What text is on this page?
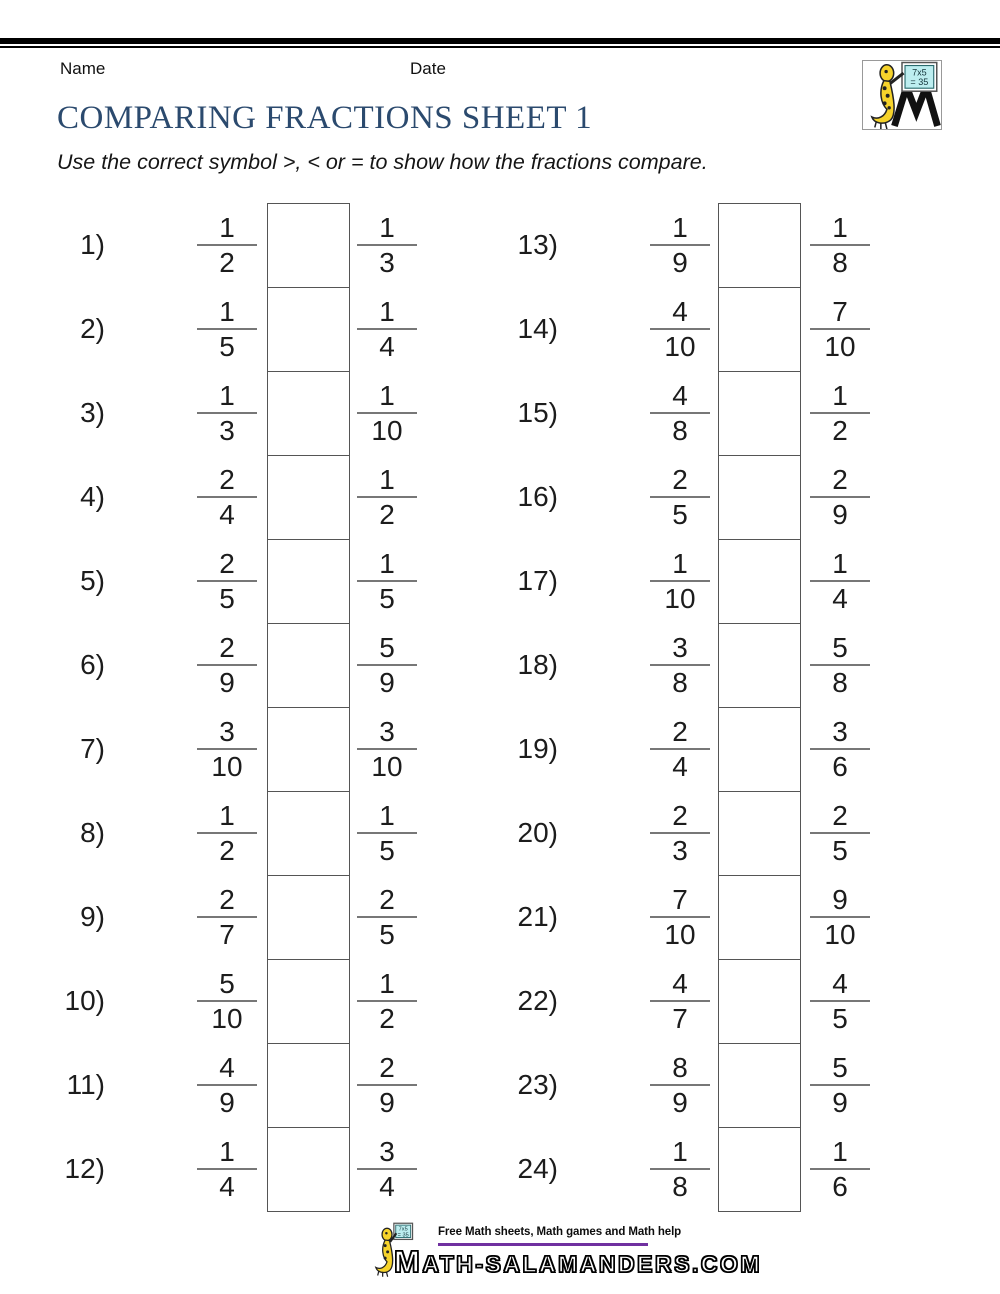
Name	Date	7x5
= 35
COMPARING FRACTIONS SHEET 1

Use the correct symbol >, < or = to show how the fractions compare.

1)	$\frac{1}{2}$	$\frac{1}{3}$
2)	$\frac{1}{5}$	$\frac{1}{4}$
3)	$\frac{1}{3}$	$\frac{1}{10}$
4)	$\frac{2}{4}$	$\frac{1}{2}$
5)	$\frac{2}{5}$	$\frac{1}{5}$
6)	$\frac{2}{9}$	$\frac{5}{9}$
7)	$\frac{3}{10}$	$\frac{3}{10}$
8)	$\frac{1}{2}$	$\frac{1}{5}$
9)	$\frac{2}{7}$	$\frac{2}{5}$
10)	$\frac{5}{10}$	$\frac{1}{2}$
11)	$\frac{4}{9}$	$\frac{2}{9}$
12)	$\frac{1}{4}$	$\frac{3}{4}$
13)	$\frac{1}{9}$	$\frac{1}{8}$
14)	$\frac{4}{10}$	$\frac{7}{10}$
15)	$\frac{4}{8}$	$\frac{1}{2}$
16)	$\frac{2}{5}$	$\frac{2}{9}$
17)	$\frac{1}{10}$	$\frac{1}{4}$
18)	$\frac{3}{8}$	$\frac{5}{8}$
19)	$\frac{2}{4}$	$\frac{3}{6}$
20)	$\frac{2}{3}$	$\frac{2}{5}$
21)	$\frac{7}{10}$	$\frac{9}{10}$
22)	$\frac{4}{7}$	$\frac{4}{5}$
23)	$\frac{8}{9}$	$\frac{5}{9}$
24)	$\frac{1}{8}$	$\frac{1}{6}$
7x5
= 35	Free Math sheets, Math games and Math help
MATH-SALAMANDERS.COM
